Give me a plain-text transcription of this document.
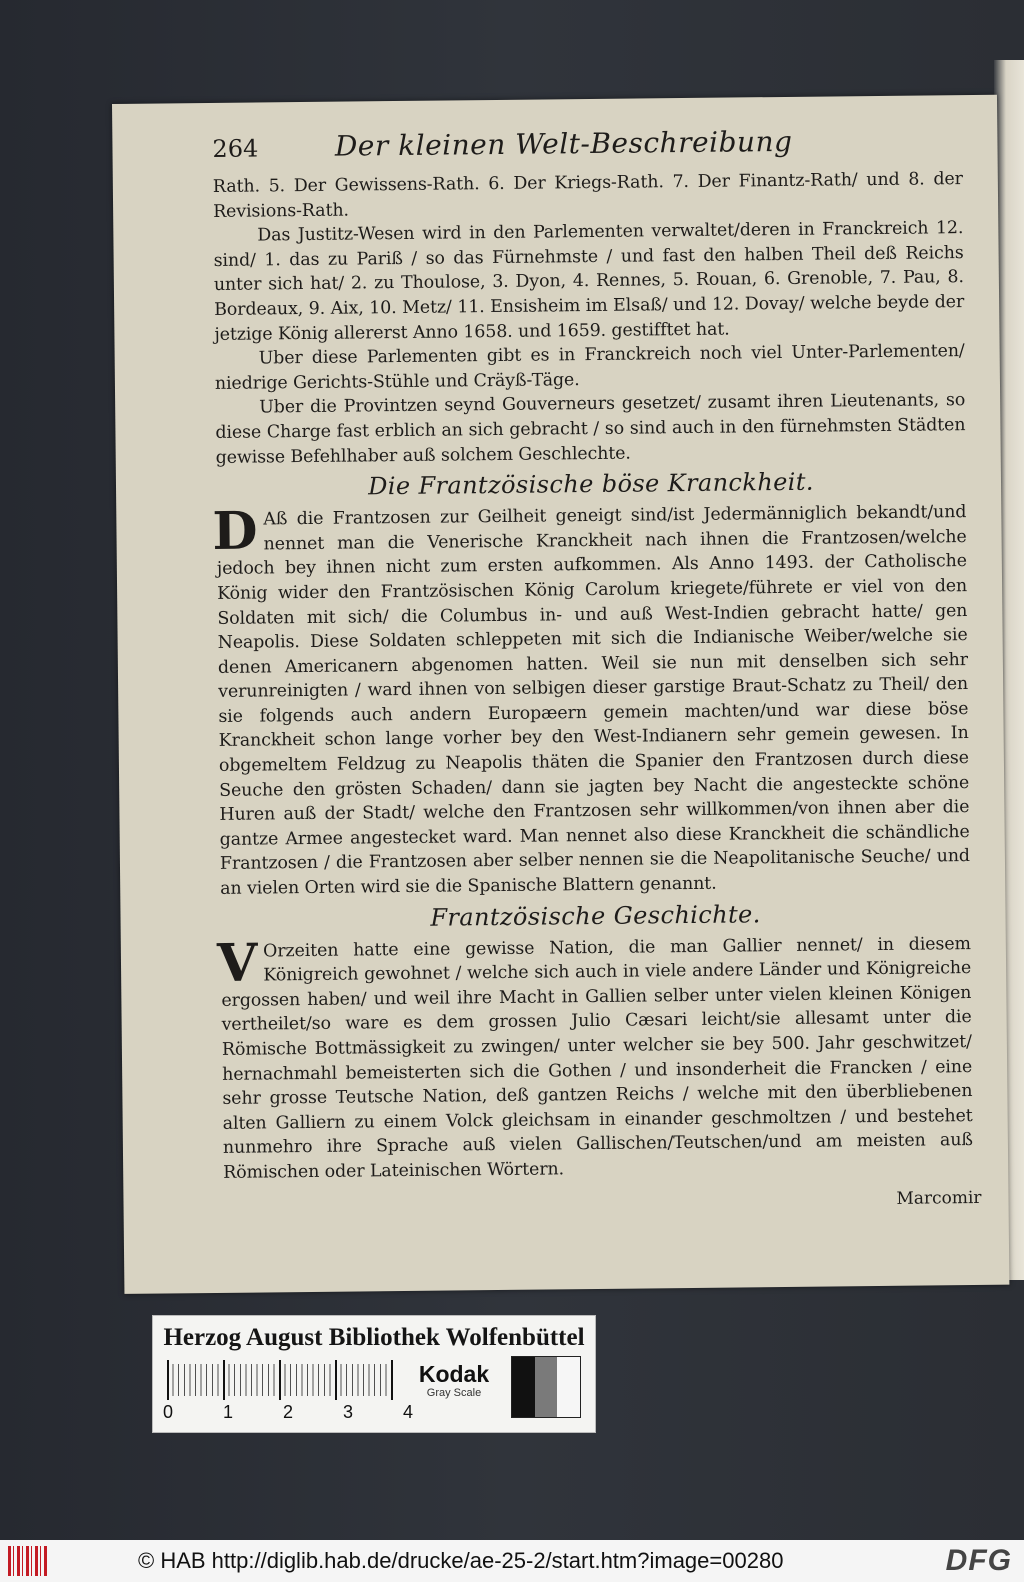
264	Der kleinen Welt-Beschreibung

Rath. 5. Der Gewissens-Rath. 6. Der Kriegs-Rath. 7. Der Finantz-Rath/ und 8. der Revisions-Rath.

Das Justitz-Wesen wird in den Parlementen verwaltet/deren in Franckreich 12. sind/ 1. das zu Pariß / so das Fürnehmste / und fast den halben Theil deß Reichs unter sich hat/ 2. zu Thoulose, 3. Dyon, 4. Rennes, 5. Rouan, 6. Grenoble, 7. Pau, 8. Bordeaux, 9. Aix, 10. Metz/ 11. Ensisheim im Elsaß/ und 12. Dovay/ welche beyde der jetzige König allererst Anno 1658. und 1659. gestifftet hat.

Uber diese Parlementen gibt es in Franckreich noch viel Unter-Parlementen/ niedrige Gerichts-Stühle und Cräyß-Täge.

Uber die Provintzen seynd Gouverneurs gesetzet/ zusamt ihren Lieutenants, so diese Charge fast erblich an sich gebracht / so sind auch in den fürnehmsten Städten gewisse Befehlhaber auß solchem Geschlechte.

Die Frantzösische böse Kranckheit.

D Aß die Frantzosen zur Geilheit geneigt sind/ist Jedermänniglich bekandt/und nennet man die Venerische Kranckheit nach ihnen die Frantzosen/welche jedoch bey ihnen nicht zum ersten aufkommen. Als Anno 1493. der Catholische König wider den Frantzösischen König Carolum kriegete/führete er viel von den Soldaten mit sich/ die Columbus in- und auß West-Indien gebracht hatte/ gen Neapolis. Diese Soldaten schleppeten mit sich die Indianische Weiber/welche sie denen Americanern abgenomen hatten. Weil sie nun mit denselben sich sehr verunreinigten / ward ihnen von selbigen dieser garstige Braut-Schatz zu Theil/ den sie folgends auch andern Europæern gemein machten/und war diese böse Kranckheit schon lange vorher bey den West-Indianern sehr gemein gewesen. In obgemeltem Feldzug zu Neapolis thäten die Spanier den Frantzosen durch diese Seuche den grösten Schaden/ dann sie jagten bey Nacht die angesteckte schöne Huren auß der Stadt/ welche den Frantzosen sehr willkommen/von ihnen aber die gantze Armee angestecket ward. Man nennet also diese Kranckheit die schändliche Frantzosen / die Frantzosen aber selber nennen sie die Neapolitanische Seuche/ und an vielen Orten wird sie die Spanische Blattern genannt.

Frantzösische Geschichte.

V Orzeiten hatte eine gewisse Nation, die man Gallier nennet/ in diesem Königreich gewohnet / welche sich auch in viele andere Länder und Königreiche ergossen haben/ und weil ihre Macht in Gallien selber unter vielen kleinen Königen vertheilet/so ware es dem grossen Julio Cæsari leicht/sie allesamt unter die Römische Bottmässigkeit zu zwingen/ unter welcher sie bey 500. Jahr geschwitzet/ hernachmahl bemeisterten sich die Gothen / und insonderheit die Francken / eine sehr grosse Teutsche Nation, deß gantzen Reichs / welche mit den überbliebenen alten Galliern zu einem Volck gleichsam in einander geschmoltzen / und bestehet nunmehro ihre Sprache auß vielen Gallischen/Teutschen/und am meisten auß Römischen oder Lateinischen Wörtern.

Marcomir
Herzog August Bibliothek Wolfenbüttel
0	1	2	3	4
Kodak
Gray Scale
© HAB http://diglib.hab.de/drucke/ae-25-2/start.htm?image=00280	DFG
